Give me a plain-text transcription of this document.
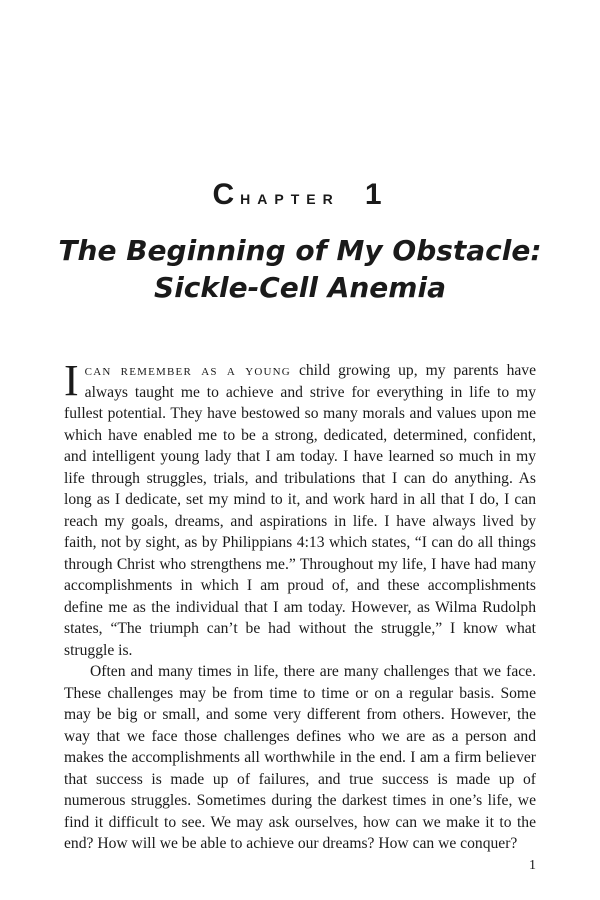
Chapter 1
The Beginning of My Obstacle:
Sickle-Cell Anemia

Ican remember as a young child growing up, my parents have always taught me to achieve and strive for everything in life to my fullest potential. They have bestowed so many morals and values upon me which have enabled me to be a strong, dedicated, determined, confident, and intelligent young lady that I am today. I have learned so much in my life through struggles, trials, and tribulations that I can do anything. As long as I dedicate, set my mind to it, and work hard in all that I do, I can reach my goals, dreams, and aspirations in life. I have always lived by faith, not by sight, as by Philippians 4:13 which states, “I can do all things through Christ who strengthens me.” Throughout my life, I have had many accomplishments in which I am proud of, and these accomplishments define me as the individual that I am today. However, as Wilma Rudolph states, “The triumph can’t be had without the struggle,” I know what struggle is.

Often and many times in life, there are many challenges that we face. These challenges may be from time to time or on a regular basis. Some may be big or small, and some very different from others. However, the way that we face those challenges defines who we are as a person and makes the accomplishments all worthwhile in the end. I am a firm believer that success is made up of failures, and true success is made up of numerous struggles. Sometimes during the darkest times in one’s life, we find it difficult to see. We may ask ourselves, how can we make it to the end? How will we be able to achieve our dreams? How can we conquer?

1
